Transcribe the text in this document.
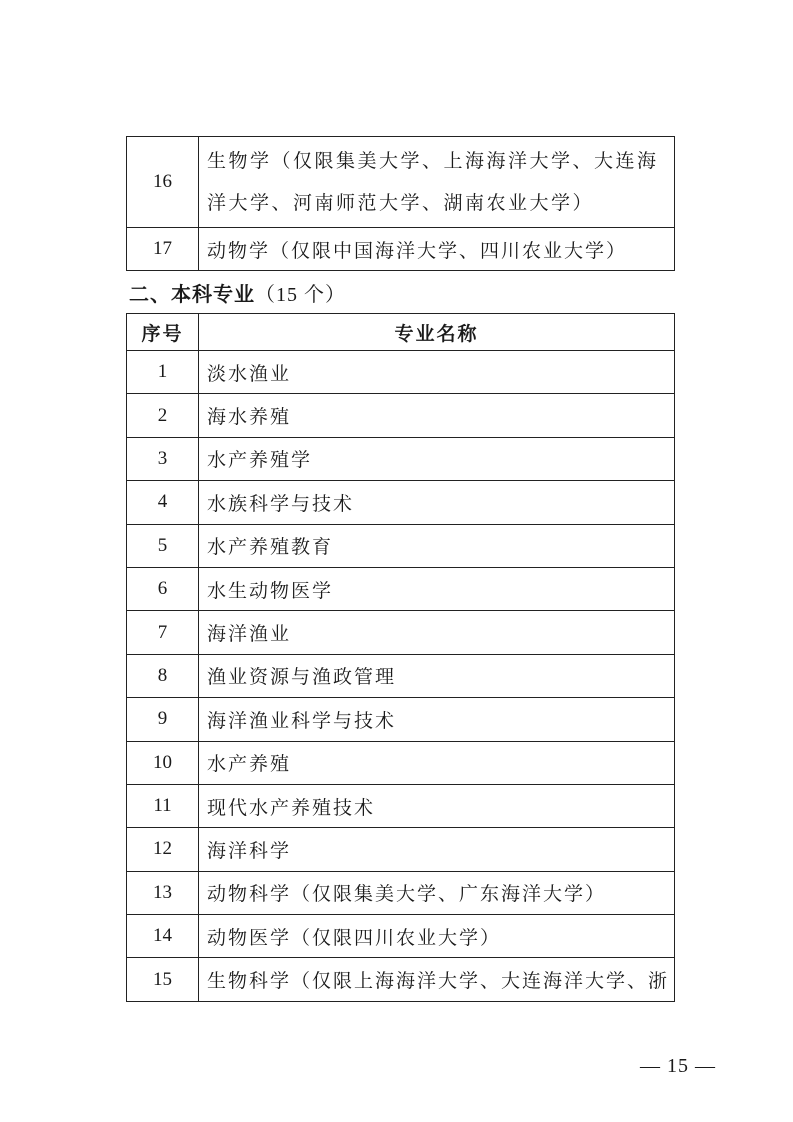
16	生物学（仅限集美大学、上海海洋大学、大连海洋大学、河南师范大学、湖南农业大学）
17	动物学（仅限中国海洋大学、四川农业大学）

二、本科专业（15 个）

序号	专业名称
1	淡水渔业
2	海水养殖
3	水产养殖学
4	水族科学与技术
5	水产养殖教育
6	水生动物医学
7	海洋渔业
8	渔业资源与渔政管理
9	海洋渔业科学与技术
10	水产养殖
11	现代水产养殖技术
12	海洋科学
13	动物科学（仅限集美大学、广东海洋大学）
14	动物医学（仅限四川农业大学）
15	生物科学（仅限上海海洋大学、大连海洋大学、浙

— 15 —
